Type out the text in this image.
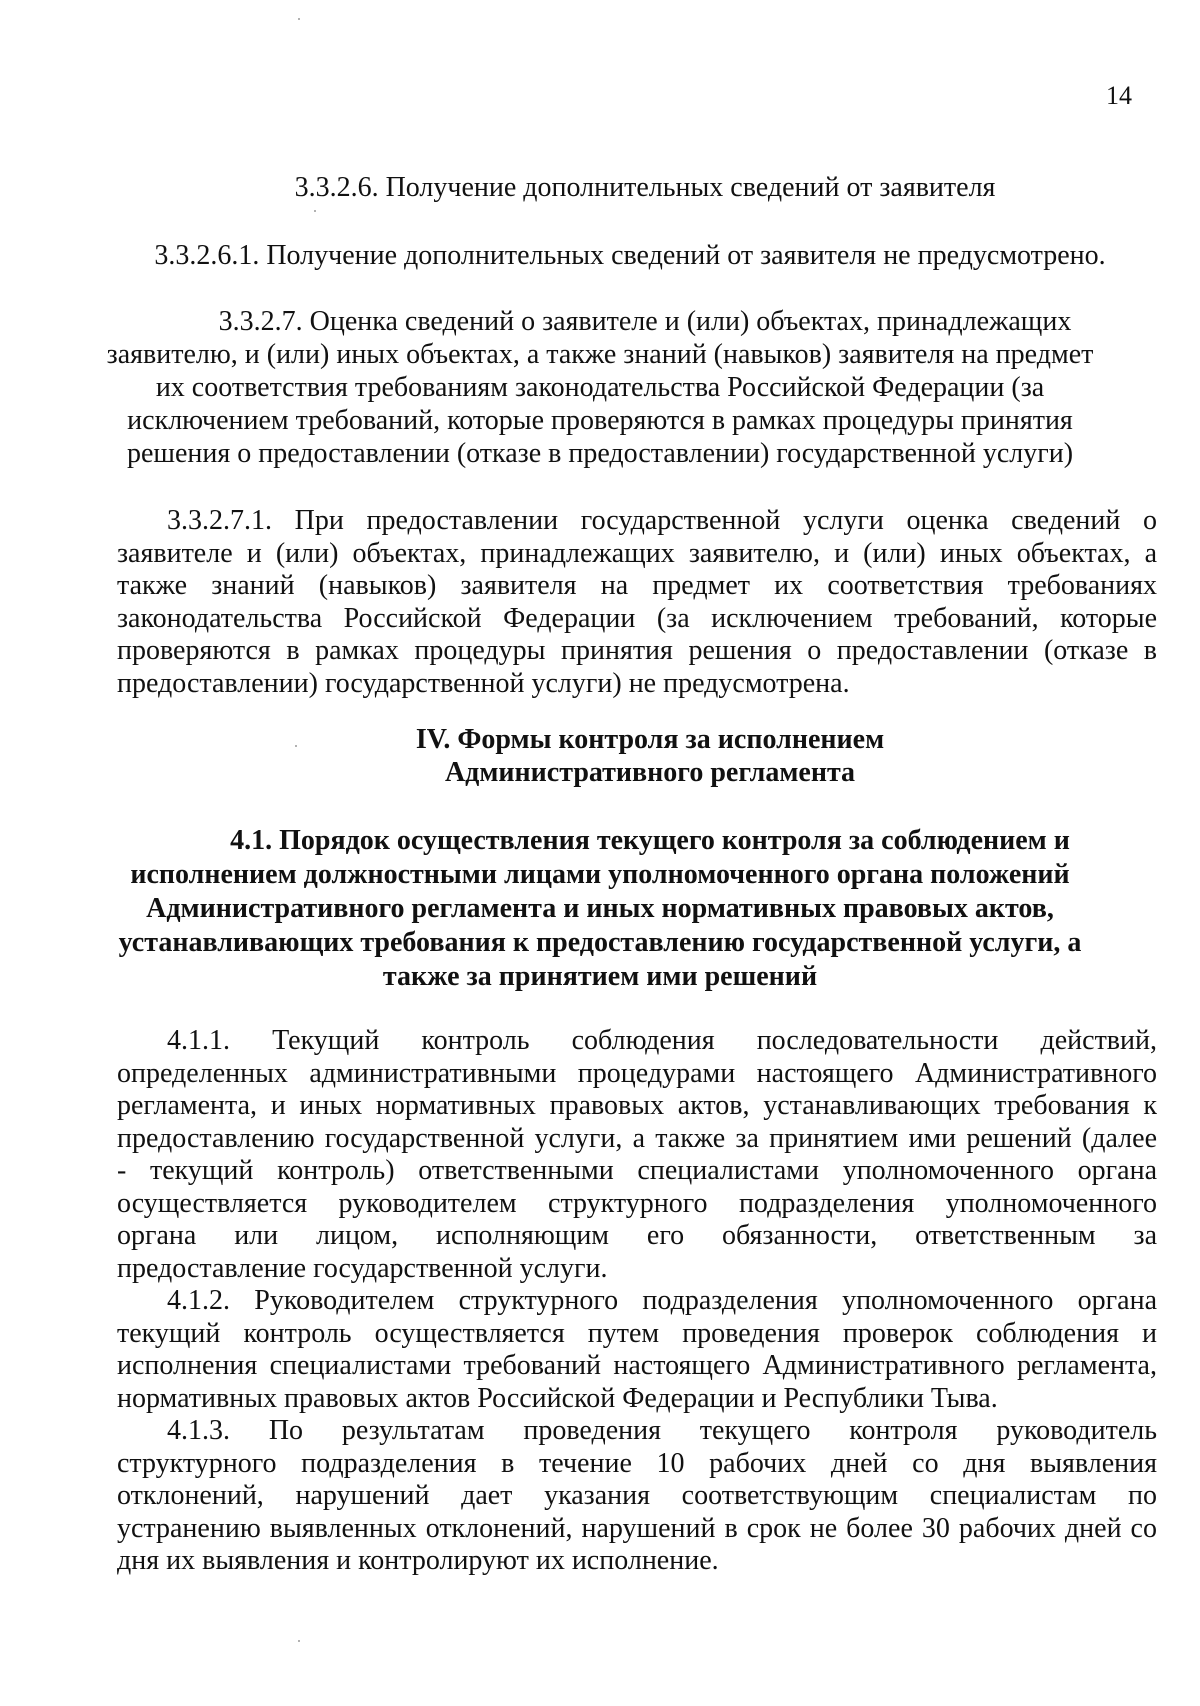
14
3.3.2.6. Получение дополнительных сведений от заявителя
3.3.2.6.1. Получение дополнительных сведений от заявителя не предусмотрено.
3.3.2.7. Оценка сведений о заявителе и (или) объектах, принадлежащих
заявителю, и (или) иных объектах, а также знаний (навыков) заявителя на предмет
их соответствия требованиям законодательства Российской Федерации (за
исключением требований, которые проверяются в рамках процедуры принятия
решения о предоставлении (отказе в предоставлении) государственной услуги)
3.3.2.7.1. При предоставлении государственной услуги оценка сведений о
заявителе и (или) объектах, принадлежащих заявителю, и (или) иных объектах, а
также знаний (навыков) заявителя на предмет их соответствия требованиях
законодательства Российской Федерации (за исключением требований, которые
проверяются в рамках процедуры принятия решения о предоставлении (отказе в
предоставлении) государственной услуги) не предусмотрена.
IV. Формы контроля за исполнением
Административного регламента
4.1. Порядок осуществления текущего контроля за соблюдением и
исполнением должностными лицами уполномоченного органа положений
Административного регламента и иных нормативных правовых актов,
устанавливающих требования к предоставлению государственной услуги, а
также за принятием ими решений
4.1.1. Текущий контроль соблюдения последовательности действий,
определенных административными процедурами настоящего Административного
регламента, и иных нормативных правовых актов, устанавливающих требования к
предоставлению государственной услуги, а также за принятием ими решений (далее
- текущий контроль) ответственными специалистами уполномоченного органа
осуществляется руководителем структурного подразделения уполномоченного
органа или лицом, исполняющим его обязанности, ответственным за
предоставление государственной услуги.
4.1.2. Руководителем структурного подразделения уполномоченного органа
текущий контроль осуществляется путем проведения проверок соблюдения и
исполнения специалистами требований настоящего Административного регламента,
нормативных правовых актов Российской Федерации и Республики Тыва.
4.1.3. По результатам проведения текущего контроля руководитель
структурного подразделения в течение 10 рабочих дней со дня выявления
отклонений, нарушений дает указания соответствующим специалистам по
устранению выявленных отклонений, нарушений в срок не более 30 рабочих дней со
дня их выявления и контролируют их исполнение.
